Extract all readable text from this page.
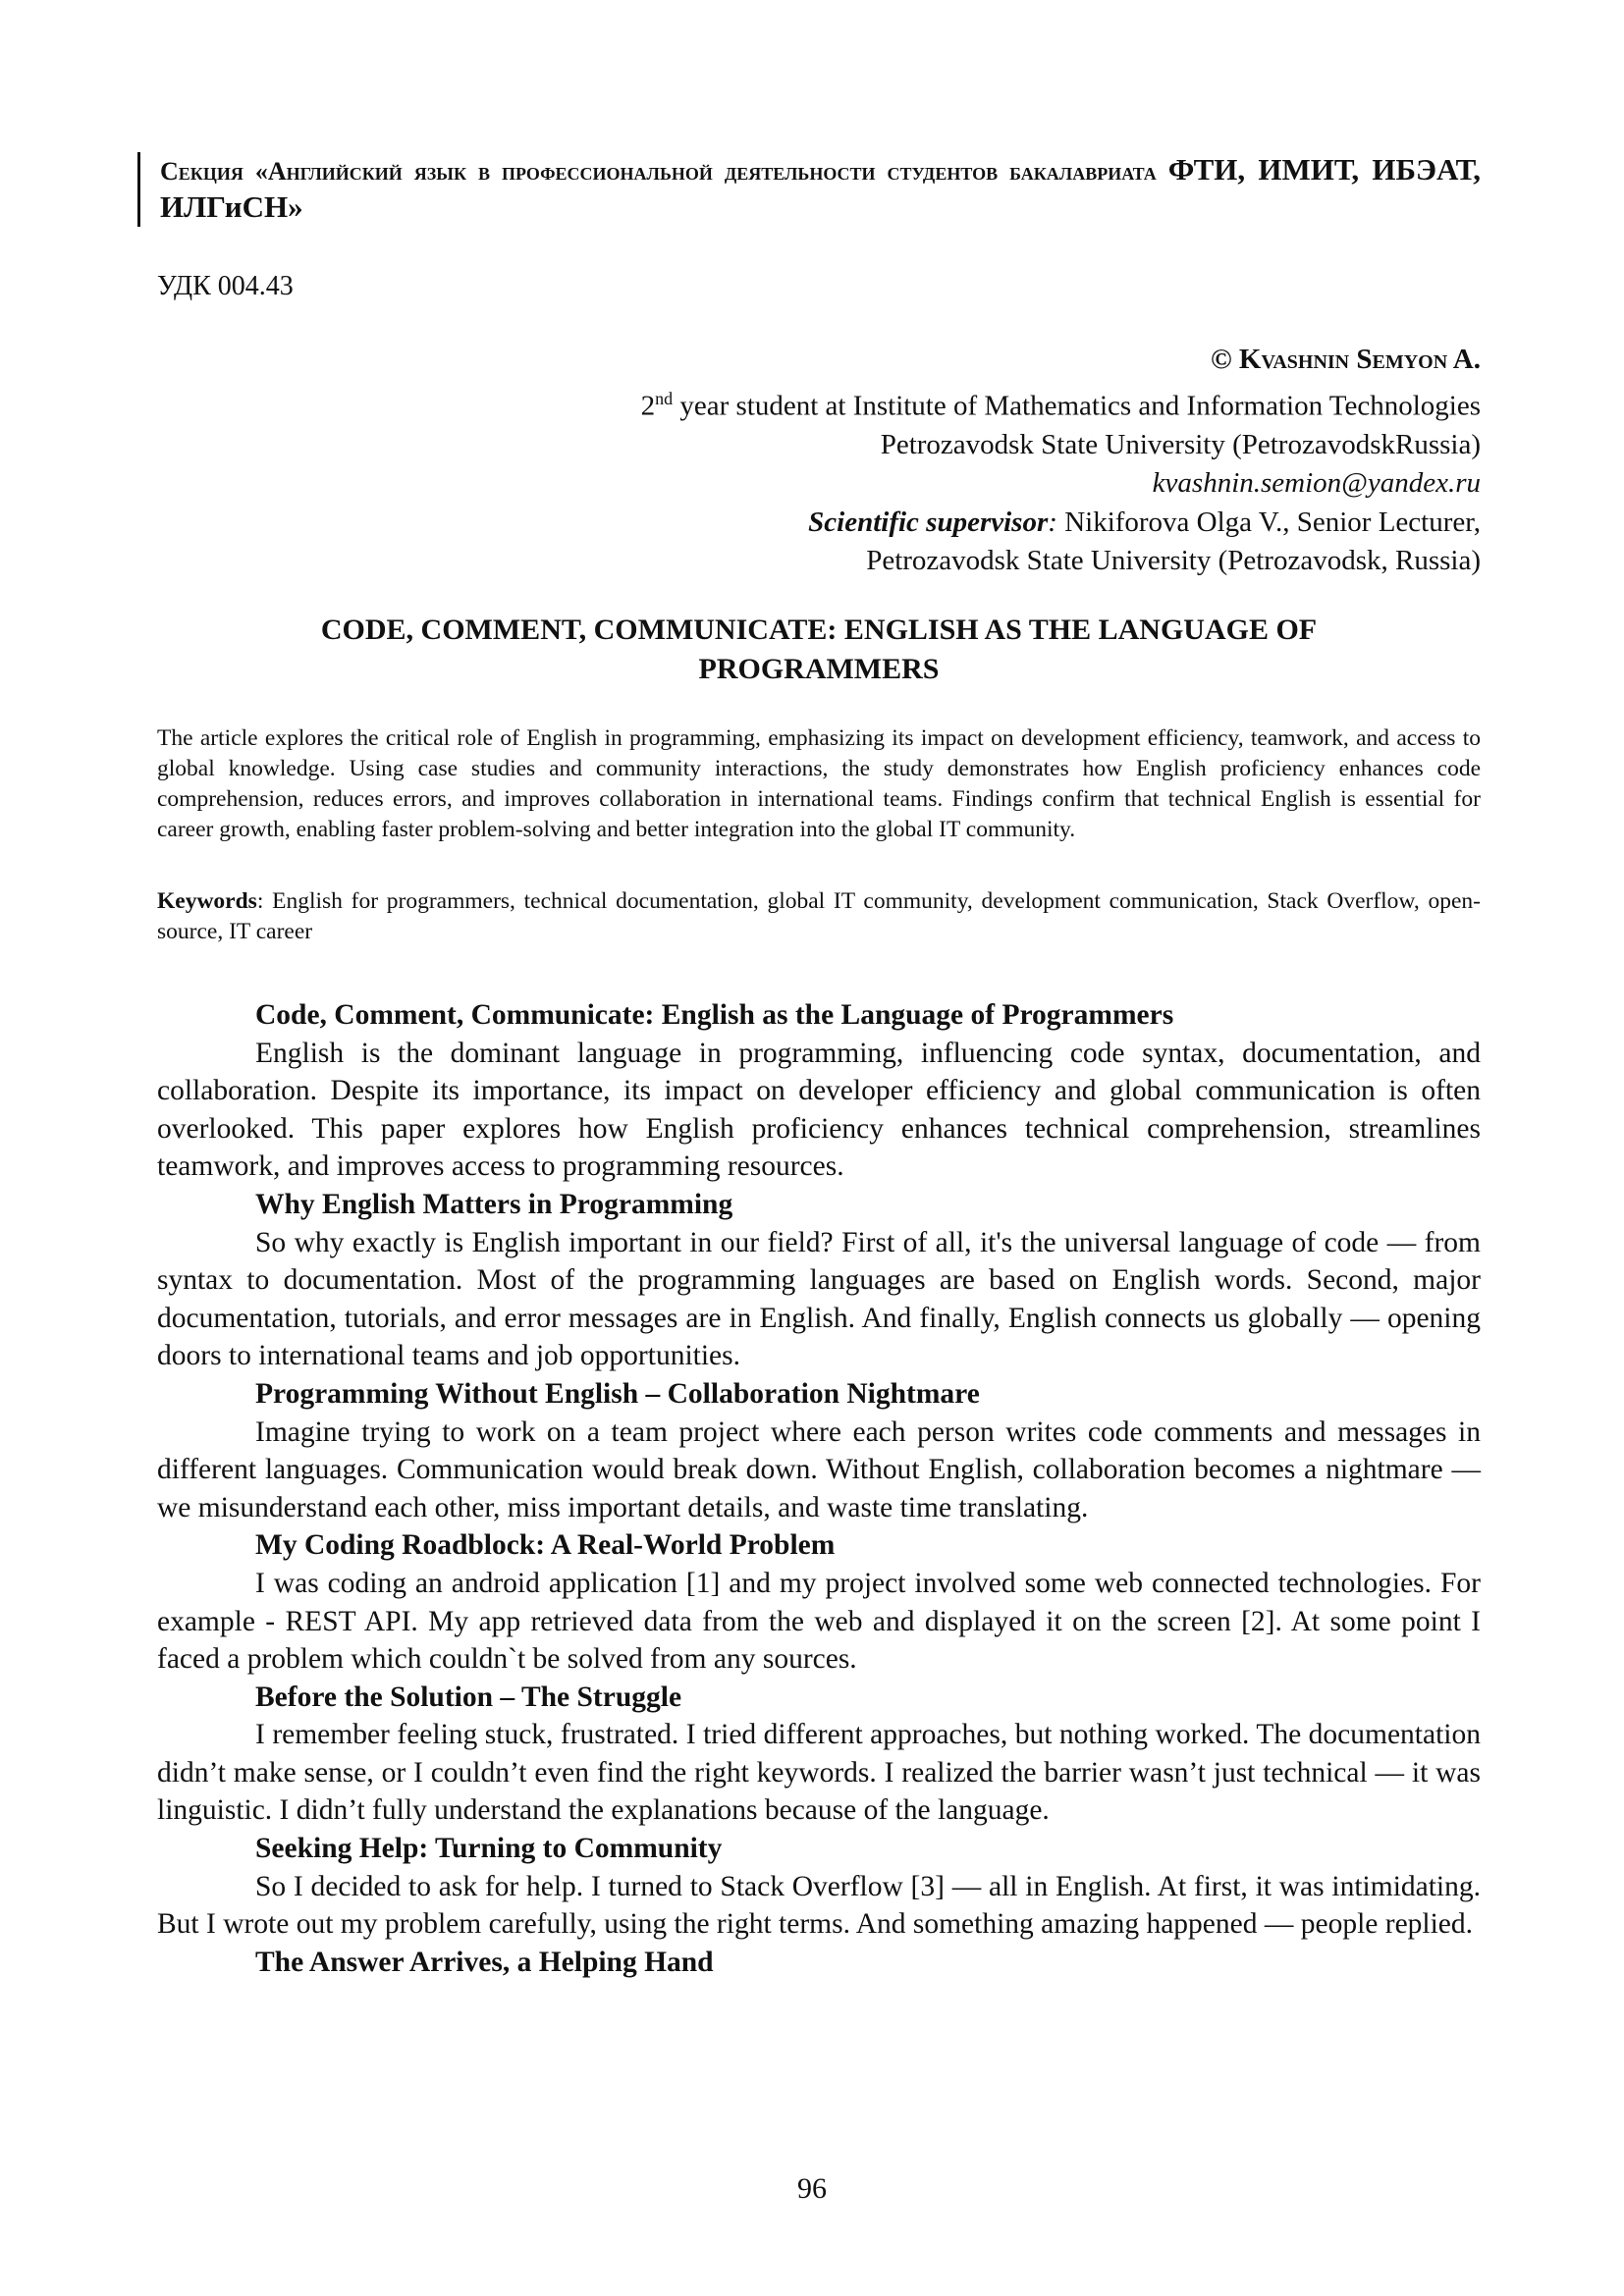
Секция «Английский язык в профессиональной деятельности студентов бакалавриата ФТИ, ИМИТ, ИБЭАТ, ИЛГиСН»
УДК 004.43
© Kvashnin Semyon A.
2nd year student at Institute of Mathematics and Information Technologies
Petrozavodsk State University (PetrozavodskRussia)
kvashnin.semion@yandex.ru
Scientific supervisor: Nikiforova Olga V., Senior Lecturer,
Petrozavodsk State University (Petrozavodsk, Russia)
CODE, COMMENT, COMMUNICATE: ENGLISH AS THE LANGUAGE OF
PROGRAMMERS
The article explores the critical role of English in programming, emphasizing its impact on development efficiency, teamwork, and access to global knowledge. Using case studies and community interactions, the study demonstrates how English proficiency enhances code comprehension, reduces errors, and improves collaboration in international teams. Findings confirm that technical English is essential for career growth, enabling faster problem-solving and better integration into the global IT community.
Keywords: English for programmers, technical documentation, global IT community, development communication, Stack Overflow, open-source, IT career
Code, Comment, Communicate: English as the Language of Programmers

English is the dominant language in programming, influencing code syntax, documentation, and collaboration. Despite its importance, its impact on developer efficiency and global communication is often overlooked. This paper explores how English proficiency enhances technical comprehension, streamlines teamwork, and improves access to programming resources.

Why English Matters in Programming

So why exactly is English important in our field? First of all, it's the universal language of code — from syntax to documentation. Most of the programming languages are based on English words. Second, major documentation, tutorials, and error messages are in English. And finally, English connects us globally — opening doors to international teams and job opportunities.

Programming Without English – Collaboration Nightmare

Imagine trying to work on a team project where each person writes code comments and messages in different languages. Communication would break down. Without English, collaboration becomes a nightmare — we misunderstand each other, miss important details, and waste time translating.

My Coding Roadblock: A Real-World Problem

I was coding an android application [1] and my project involved some web connected technologies. For example - REST API. My app retrieved data from the web and displayed it on the screen [2]. At some point I faced a problem which couldn`t be solved from any sources.

Before the Solution – The Struggle

I remember feeling stuck, frustrated. I tried different approaches, but nothing worked. The documentation didn’t make sense, or I couldn’t even find the right keywords. I realized the barrier wasn’t just technical — it was linguistic. I didn’t fully understand the explanations because of the language.

Seeking Help: Turning to Community

So I decided to ask for help. I turned to Stack Overflow [3] — all in English. At first, it was intimidating. But I wrote out my problem carefully, using the right terms. And something amazing happened — people replied.

The Answer Arrives, a Helping Hand
96
